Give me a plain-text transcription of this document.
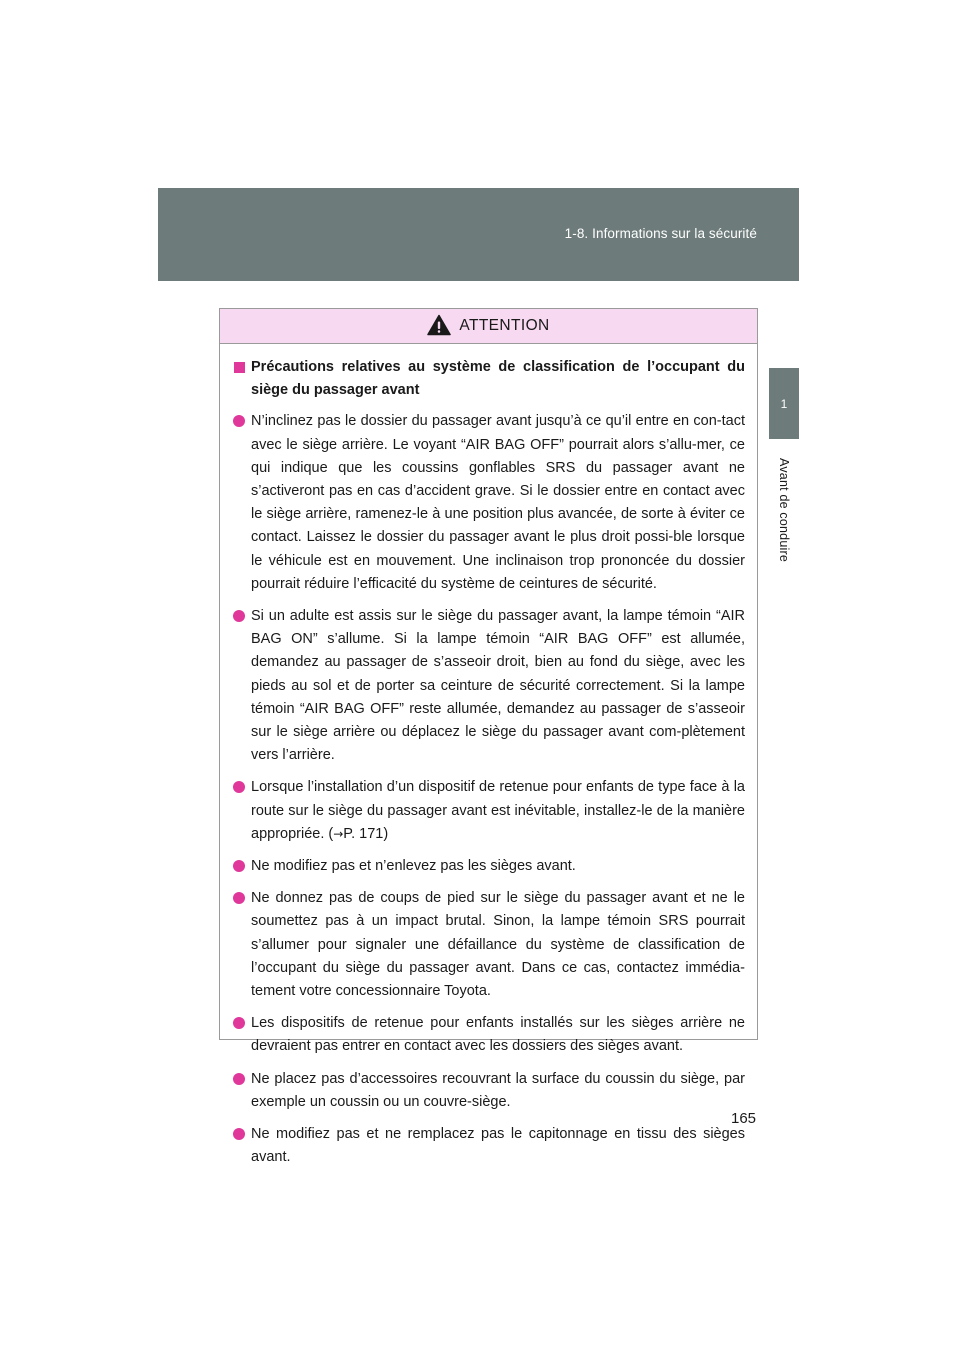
1-8. Informations sur la sécurité
1
Avant de conduire
ATTENTION
Précautions relatives au système de classification de l’occupant du siège du passager avant
N’inclinez pas le dossier du passager avant jusqu’à ce qu’il entre en con-tact avec le siège arrière. Le voyant “AIR BAG OFF” pourrait alors s’allu-mer, ce qui indique que les coussins gonflables SRS du passager avant ne s’activeront pas en cas d’accident grave. Si le dossier entre en contact avec le siège arrière, ramenez-le à une position plus avancée, de sorte à éviter ce contact. Laissez le dossier du passager avant le plus droit possi-ble lorsque le véhicule est en mouvement. Une inclinaison trop prononcée du dossier pourrait réduire l’efficacité du système de ceintures de sécurité.
Si un adulte est assis sur le siège du passager avant, la lampe témoin “AIR BAG ON” s’allume. Si la lampe témoin “AIR BAG OFF” est allumée, demandez au passager de s’asseoir droit, bien au fond du siège, avec les pieds au sol et de porter sa ceinture de sécurité correctement. Si la lampe témoin “AIR BAG OFF” reste allumée, demandez au passager de s’asseoir sur le siège arrière ou déplacez le siège du passager avant com-plètement vers l’arrière.
Lorsque l’installation d’un dispositif de retenue pour enfants de type face à la route sur le siège du passager avant est inévitable, installez-le de la manière appropriée. (→P. 171)
Ne modifiez pas et n’enlevez pas les sièges avant.
Ne donnez pas de coups de pied sur le siège du passager avant et ne le soumettez pas à un impact brutal. Sinon, la lampe témoin SRS pourrait s’allumer pour signaler une défaillance du système de classification de l’occupant du siège du passager avant. Dans ce cas, contactez immédia-tement votre concessionnaire Toyota.
Les dispositifs de retenue pour enfants installés sur les sièges arrière ne devraient pas entrer en contact avec les dossiers des sièges avant.
Ne placez pas d’accessoires recouvrant la surface du coussin du siège, par exemple un coussin ou un couvre-siège.
Ne modifiez pas et ne remplacez pas le capitonnage en tissu des sièges avant.
165
